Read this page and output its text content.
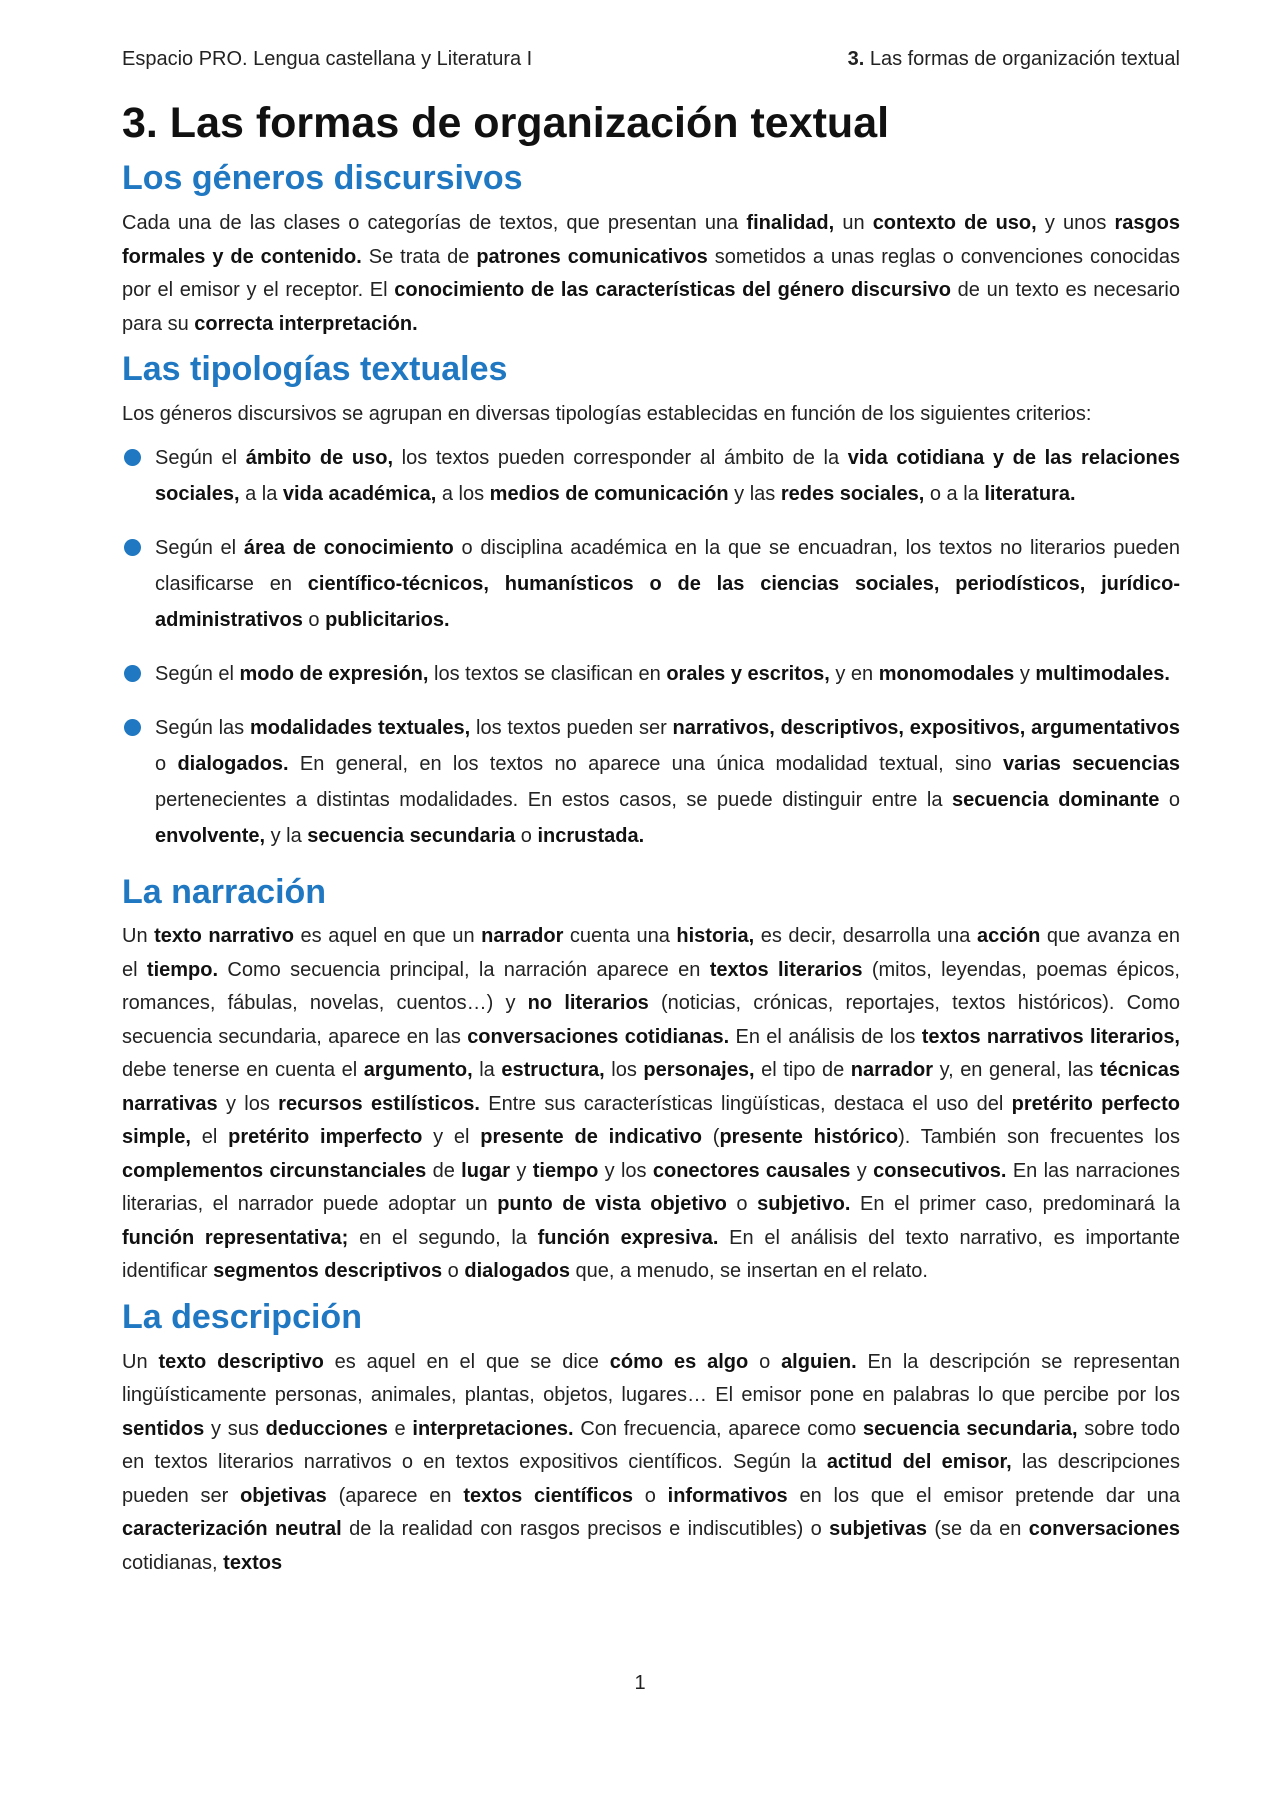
Espacio PRO. Lengua castellana y Literatura I	3. Las formas de organización textual
3. Las formas de organización textual
Los géneros discursivos

Cada una de las clases o categorías de textos, que presentan una finalidad, un contexto de uso, y unos rasgos formales y de contenido. Se trata de patrones comunicativos sometidos a unas reglas o convenciones conocidas por el emisor y el receptor. El conocimiento de las características del género discursivo de un texto es necesario para su correcta interpretación.

Las tipologías textuales

Los géneros discursivos se agrupan en diversas tipologías establecidas en función de los siguientes criterios:

Según el ámbito de uso, los textos pueden corresponder al ámbito de la vida cotidiana y de las relaciones sociales, a la vida académica, a los medios de comunicación y las redes sociales, o a la literatura.
Según el área de conocimiento o disciplina académica en la que se encuadran, los textos no literarios pueden clasificarse en científico-técnicos, humanísticos o de las ciencias sociales, periodísticos, jurídico-administrativos o publicitarios.
Según el modo de expresión, los textos se clasifican en orales y escritos, y en monomodales y multimodales.
Según las modalidades textuales, los textos pueden ser narrativos, descriptivos, expositivos, argumentativos o dialogados. En general, en los textos no aparece una única modalidad textual, sino varias secuencias pertenecientes a distintas modalidades. En estos casos, se puede distinguir entre la secuencia dominante o envolvente, y la secuencia secundaria o incrustada.
La narración

Un texto narrativo es aquel en que un narrador cuenta una historia, es decir, desarrolla una acción que avanza en el tiempo. Como secuencia principal, la narración aparece en textos literarios (mitos, leyendas, poemas épicos, romances, fábulas, novelas, cuentos…) y no literarios (noticias, crónicas, reportajes, textos históricos). Como secuencia secundaria, aparece en las conversaciones cotidianas. En el análisis de los textos narrativos literarios, debe tenerse en cuenta el argumento, la estructura, los personajes, el tipo de narrador y, en general, las técnicas narrativas y los recursos estilísticos. Entre sus características lingüísticas, destaca el uso del pretérito perfecto simple, el pretérito imperfecto y el presente de indicativo (presente histórico). También son frecuentes los complementos circunstanciales de lugar y tiempo y los conectores causales y consecutivos. En las narraciones literarias, el narrador puede adoptar un punto de vista objetivo o subjetivo. En el primer caso, predominará la función representativa; en el segundo, la función expresiva. En el análisis del texto narrativo, es importante identificar segmentos descriptivos o dialogados que, a menudo, se insertan en el relato.

La descripción

Un texto descriptivo es aquel en el que se dice cómo es algo o alguien. En la descripción se representan lingüísticamente personas, animales, plantas, objetos, lugares… El emisor pone en palabras lo que percibe por los sentidos y sus deducciones e interpretaciones. Con frecuencia, aparece como secuencia secundaria, sobre todo en textos literarios narrativos o en textos expositivos científicos. Según la actitud del emisor, las descripciones pueden ser objetivas (aparece en textos científicos o informativos en los que el emisor pretende dar una caracterización neutral de la realidad con rasgos precisos e indiscutibles) o subjetivas (se da en conversaciones cotidianas, textos

1
